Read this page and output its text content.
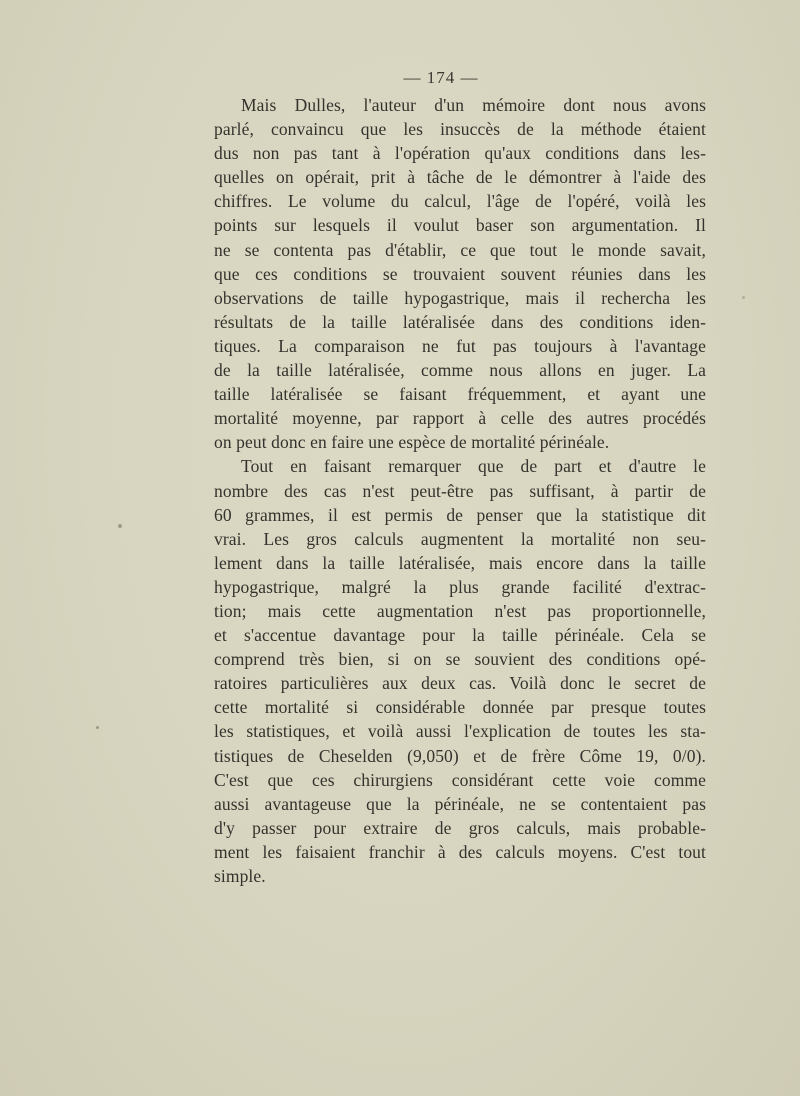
— 174 —

Mais Dulles, l'auteur d'un mémoire dont nous avons
parlé, convaincu que les insuccès de la méthode étaient
dus non pas tant à l'opération qu'aux conditions dans les-
quelles on opérait, prit à tâche de le démontrer à l'aide des
chiffres. Le volume du calcul, l'âge de l'opéré, voilà les
points sur lesquels il voulut baser son argumentation. Il
ne se contenta pas d'établir, ce que tout le monde savait,
que ces conditions se trouvaient souvent réunies dans les
observations de taille hypogastrique, mais il rechercha les
résultats de la taille latéralisée dans des conditions iden-
tiques. La comparaison ne fut pas toujours à l'avantage
de la taille latéralisée, comme nous allons en juger. La
taille latéralisée se faisant fréquemment, et ayant une
mortalité moyenne, par rapport à celle des autres procédés
on peut donc en faire une espèce de mortalité périnéale.

Tout en faisant remarquer que de part et d'autre le
nombre des cas n'est peut-être pas suffisant, à partir de
60 grammes, il est permis de penser que la statistique dit
vrai. Les gros calculs augmentent la mortalité non seu-
lement dans la taille latéralisée, mais encore dans la taille
hypogastrique, malgré la plus grande facilité d'extrac-
tion; mais cette augmentation n'est pas proportionnelle,
et s'accentue davantage pour la taille périnéale. Cela se
comprend très bien, si on se souvient des conditions opé-
ratoires particulières aux deux cas. Voilà donc le secret de
cette mortalité si considérable donnée par presque toutes
les statistiques, et voilà aussi l'explication de toutes les sta-
tistiques de Cheselden (9,050) et de frère Côme 19, 0/0).
C'est que ces chirurgiens considérant cette voie comme
aussi avantageuse que la périnéale, ne se contentaient pas
d'y passer pour extraire de gros calculs, mais probable-
ment les faisaient franchir à des calculs moyens. C'est tout
simple.
